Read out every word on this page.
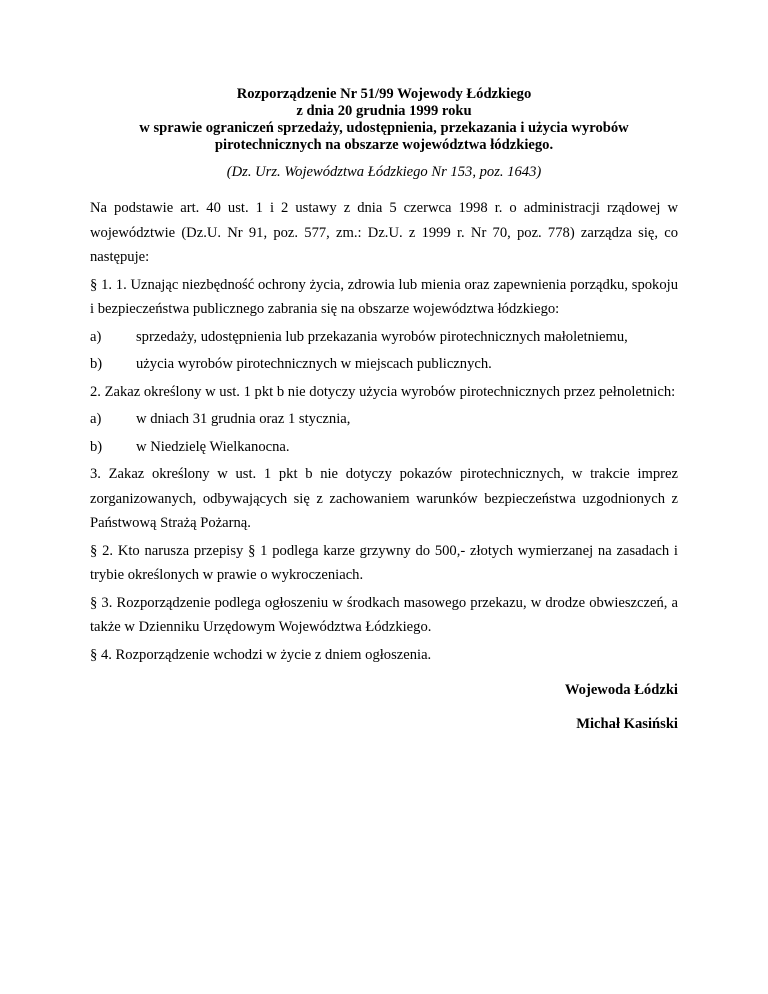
Rozporządzenie Nr 51/99 Wojewody Łódzkiego
z dnia 20 grudnia 1999 roku
w sprawie ograniczeń sprzedaży, udostępnienia, przekazania i użycia wyrobów
pirotechnicznych na obszarze województwa łódzkiego.
(Dz. Urz. Województwa Łódzkiego Nr 153, poz. 1643)

Na podstawie art. 40 ust. 1 i 2 ustawy z dnia 5 czerwca 1998 r. o administracji rządowej w województwie (Dz.U. Nr 91, poz. 577, zm.: Dz.U. z 1999 r. Nr 70, poz. 778) zarządza się, co następuje:

§ 1. 1. Uznając niezbędność ochrony życia, zdrowia lub mienia oraz zapewnienia porządku, spokoju i bezpieczeństwa publicznego zabrania się na obszarze województwa łódzkiego:

a)	sprzedaży, udostępnienia lub przekazania wyrobów pirotechnicznych małoletniemu,
b)	użycia wyrobów pirotechnicznych w miejscach publicznych.

2. Zakaz określony w ust. 1 pkt b nie dotyczy użycia wyrobów pirotechnicznych przez pełnoletnich:

a)	w dniach 31 grudnia oraz 1 stycznia,
b)	w Niedzielę Wielkanocna.

3. Zakaz określony w ust. 1 pkt b nie dotyczy pokazów pirotechnicznych, w trakcie imprez zorganizowanych, odbywających się z zachowaniem warunków bezpieczeństwa uzgodnionych z Państwową Strażą Pożarną.

§ 2. Kto narusza przepisy § 1 podlega karze grzywny do 500,- złotych wymierzanej na zasadach i trybie określonych w prawie o wykroczeniach.

§ 3. Rozporządzenie podlega ogłoszeniu w środkach masowego przekazu, w drodze obwieszczeń, a także w Dzienniku Urzędowym Województwa Łódzkiego.

§ 4. Rozporządzenie wchodzi w życie z dniem ogłoszenia.

Wojewoda Łódzki
Michał Kasiński
